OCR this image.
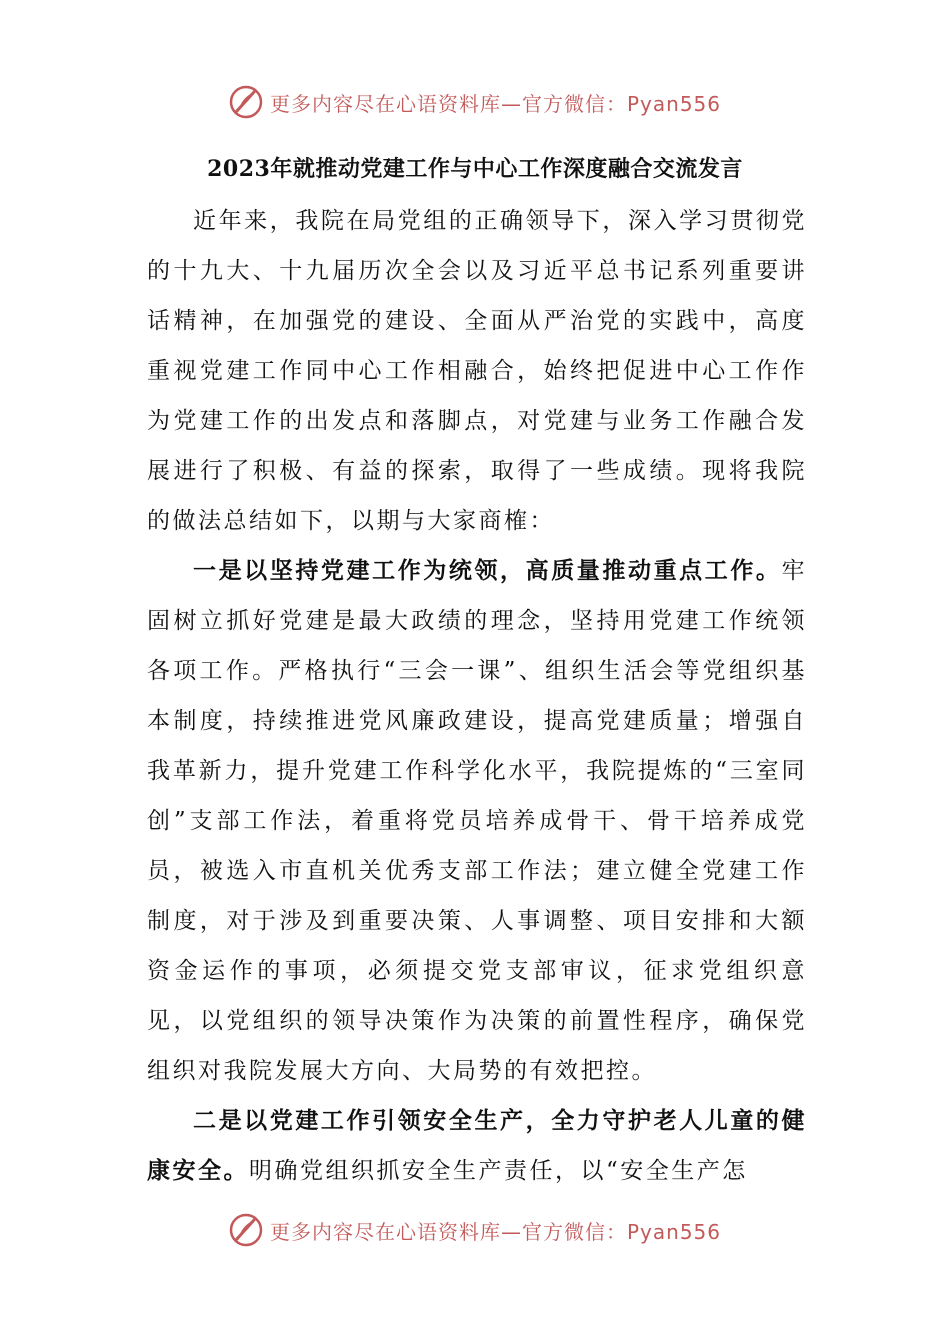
更多内容尽在心语资料库—官方微信：Pyan556
2023年就推动党建工作与中心工作深度融合交流发言

近年来，我院在局党组的正确领导下，深入学习贯彻党的十九大、十九届历次全会以及习近平总书记系列重要讲话精神，在加强党的建设、全面从严治党的实践中，高度重视党建工作同中心工作相融合，始终把促进中心工作作为党建工作的出发点和落脚点，对党建与业务工作融合发展进行了积极、有益的探索，取得了一些成绩。现将我院的做法总结如下，以期与大家商榷：

一是以坚持党建工作为统领，高质量推动重点工作。牢固树立抓好党建是最大政绩的理念，坚持用党建工作统领各项工作。严格执行“三会一课”、组织生活会等党组织基本制度，持续推进党风廉政建设，提高党建质量；增强自我革新力，提升党建工作科学化水平，我院提炼的“三室同创”支部工作法，着重将党员培养成骨干、骨干培养成党员，被选入市直机关优秀支部工作法；建立健全党建工作制度，对于涉及到重要决策、人事调整、项目安排和大额资金运作的事项，必须提交党支部审议，征求党组织意见，以党组织的领导决策作为决策的前置性程序，确保党组织对我院发展大方向、大局势的有效把控。

二是以党建工作引领安全生产，全力守护老人儿童的健康安全。明确党组织抓安全生产责任，以“安全生产怎

更多内容尽在心语资料库—官方微信：Pyan556
